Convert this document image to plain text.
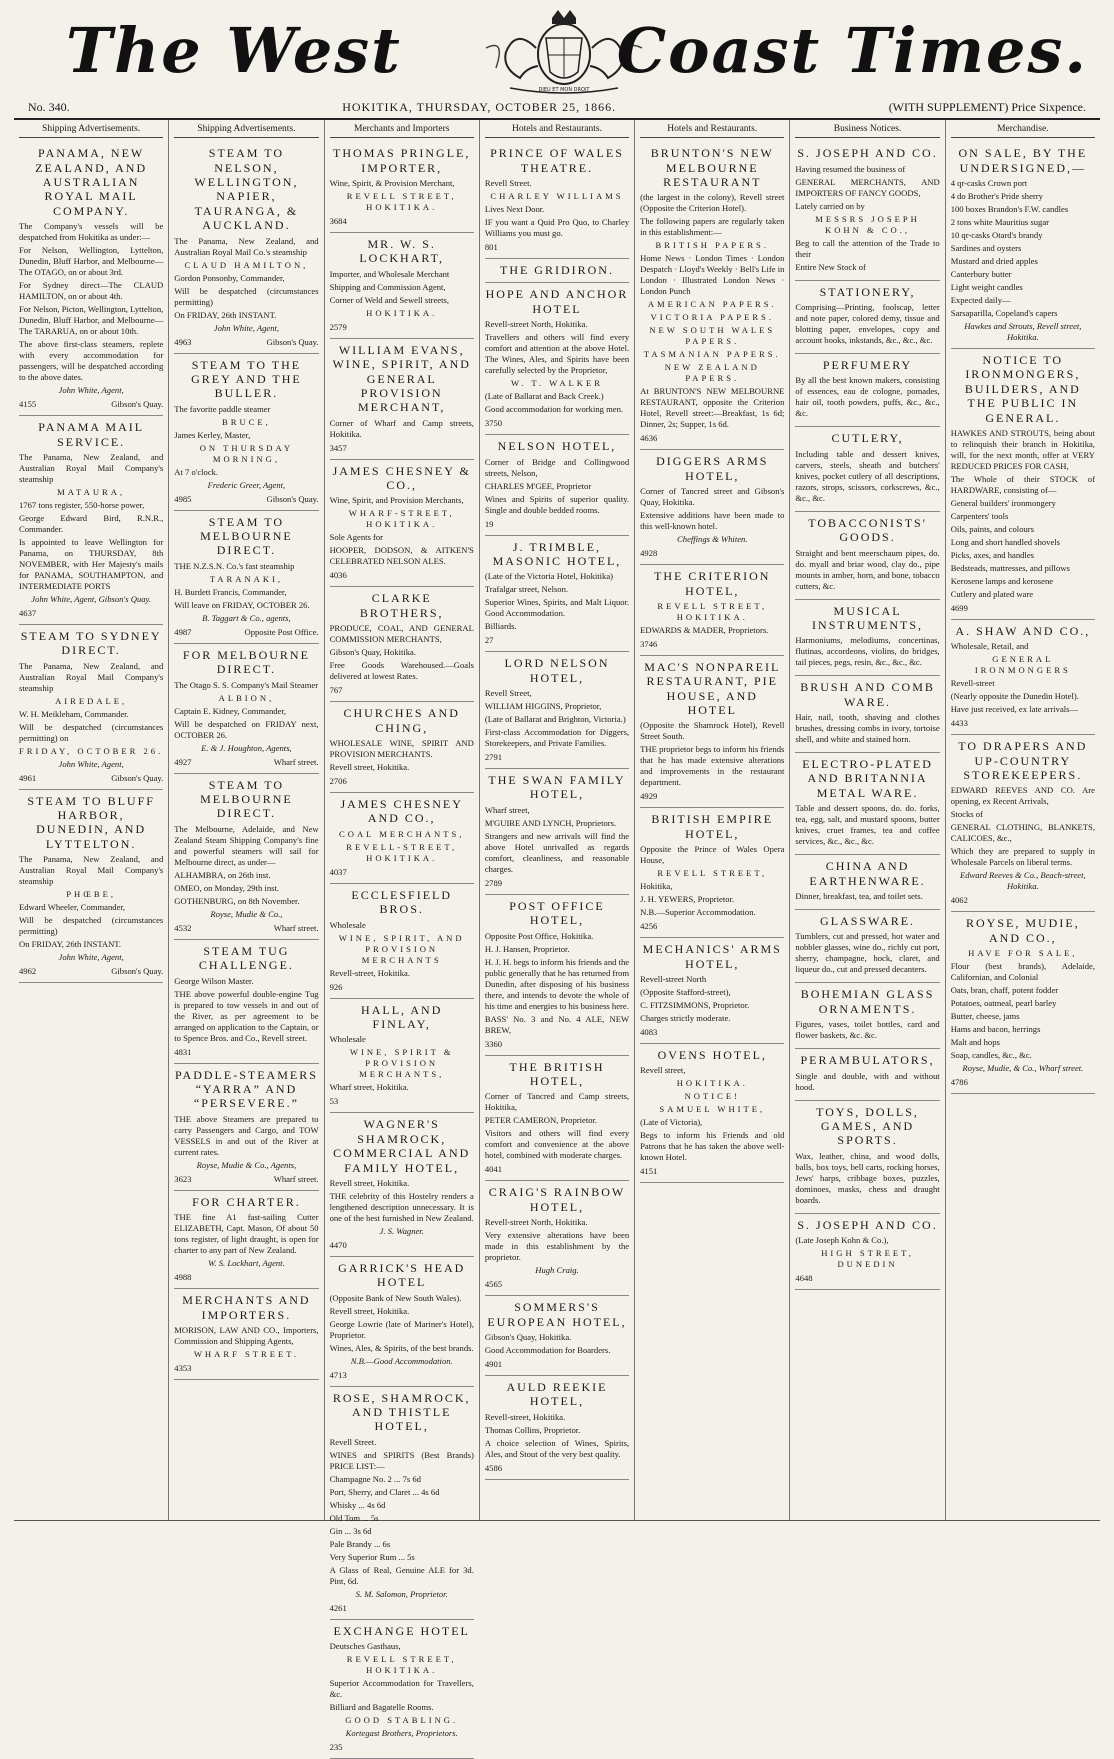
The West
DIEU ET MON DROIT
Coast Times.
No. 340.	HOKITIKA, THURSDAY, OCTOBER 25, 1866.	(WITH SUPPLEMENT) Price Sixpence.
Shipping Advertisements.
PANAMA, NEW ZEALAND, AND AUSTRALIAN ROYAL MAIL COMPANY.

The Company's vessels will be despatched from Hokitika as under:—

For Nelson, Wellington, Lyttelton, Dunedin, Bluff Harbor, and Melbourne—The OTAGO, on or about 3rd.

For Sydney direct—The CLAUD HAMILTON, on or about 4th.

For Nelson, Picton, Wellington, Lyttelton, Dunedin, Bluff Harbor, and Melbourne—The TARARUA, on or about 10th.

The above first-class steamers, replete with every accommodation for passengers, will be despatched according to the above dates.

John White, Agent,
4155	Gibson's Quay.
PANAMA MAIL SERVICE.

The Panama, New Zealand, and Australian Royal Mail Company's steamship

MATAURA,

1767 tons register, 550-horse power,

George Edward Bird, R.N.R., Commander.

Is appointed to leave Wellington for Panama, on THURSDAY, 8th NOVEMBER, with Her Majesty's mails for PANAMA, SOUTHAMPTON, and INTERMEDIATE PORTS

John White, Agent, Gibson's Quay.
4637
STEAM TO SYDNEY DIRECT.

The Panama, New Zealand, and Australian Royal Mail Company's steamship

AIREDALE,

W. H. Meikleham, Commander.

Will be despatched (circumstances permitting) on

FRIDAY, OCTOBER 26.

John White, Agent,
4961	Gibson's Quay.
STEAM TO BLUFF HARBOR, DUNEDIN, AND LYTTELTON.

The Panama, New Zealand, and Australian Royal Mail Company's steamship

PHŒBE,

Edward Wheeler, Commander,

Will be despatched (circumstances permitting)

On FRIDAY, 26th INSTANT.

John White, Agent,
4962	Gibson's Quay.
Shipping Advertisements.
STEAM TO NELSON, WELLINGTON, NAPIER, TAURANGA, & AUCKLAND.

The Panama, New Zealand, and Australian Royal Mail Co.'s steamship

CLAUD HAMILTON,

Gordon Ponsonby, Commander,

Will be despatched (circumstances permitting)

On FRIDAY, 26th INSTANT.

John White, Agent,
4963	Gibson's Quay.
STEAM TO THE GREY AND THE BULLER.

The favorite paddle steamer

BRUCE,

James Kerley, Master,

ON THURSDAY MORNING,

At 7 o'clock.

Frederic Greer, Agent,
4985	Gibson's Quay.
STEAM TO MELBOURNE DIRECT.

THE N.Z.S.N. Co.'s fast steamship

TARANAKI,

H. Burdett Francis, Commander,

Will leave on FRIDAY, OCTOBER 26.

B. Taggart & Co., agents,
4987	Opposite Post Office.
FOR MELBOURNE DIRECT.

The Otago S. S. Company's Mail Steamer

ALBION,

Captain E. Kidney, Commander,

Will be despatched on FRIDAY next, OCTOBER 26.

E. & J. Houghton, Agents,
4927	Wharf street.
STEAM TO MELBOURNE DIRECT.

The Melbourne, Adelaide, and New Zealand Steam Shipping Company's fine and powerful steamers will sail for Melbourne direct, as under—

ALHAMBRA, on 26th inst.

OMEO, on Monday, 29th inst.

GOTHENBURG, on 8th November.

Royse, Mudie & Co.,
4532	Wharf street.
STEAM TUG CHALLENGE.

George Wilson Master.

THE above powerful double-engine Tug is prepared to tow vessels in and out of the River, as per agreement to be arranged on application to the Captain, or to Spence Bros. and Co., Revell street.

4831
PADDLE-STEAMERS “YARRA” AND “PERSEVERЕ.”

THE above Steamers are prepared to carry Passengers and Cargo, and TOW VESSELS in and out of the River at current rates.

Royse, Mudie & Co., Agents,
3623	Wharf street.
FOR CHARTER.

THE fine A1 fast-sailing Cutter ELIZABETH, Capt. Mason, Of about 50 tons register, of light draught, is open for charter to any part of New Zealand.

W. S. Lockhart, Agent.
4988
MERCHANTS AND IMPORTERS.

MORISON, LAW AND CO., Importers, Commission and Shipping Agents,

WHARF STREET.

4353
Merchants and Importers
THOMAS PRINGLE, IMPORTER,

Wine, Spirit, & Provision Merchant,

REVELL STREET, HOKITIKA.

3684
MR. W. S. LOCKHART,

Importer, and Wholesale Merchant

Shipping and Commission Agent,

Corner of Weld and Sewell streets,

HOKITIKA.

2579
WILLIAM EVANS, WINE, SPIRIT, AND GENERAL PROVISION MERCHANT,

Corner of Wharf and Camp streets, Hokitika.

3457
JAMES CHESNEY & CO.,

Wine, Spirit, and Provision Merchants,

WHARF-STREET, HOKITIKA.

Sole Agents for

HOOPER, DODSON, & AITKEN'S CELEBRATED NELSON ALES.

4036
CLARKE BROTHERS,

PRODUCE, COAL, AND GENERAL COMMISSION MERCHANTS,

Gibson's Quay, Hokitika.

Free Goods Warehoused.—Goals delivered at lowest Rates.

767
CHURCHES AND CHING,

WHOLESALE WINE, SPIRIT AND PROVISION MERCHANTS.

Revell street, Hokitika.

2706
JAMES CHESNEY AND CO.,

COAL MERCHANTS,

REVELL-STREET, HOKITIKA.

4037
ECCLESFIELD BROS.

Wholesale

WINE, SPIRIT, AND PROVISION MERCHANTS

Revell-street, Hokitika.

926
HALL, AND FINLAY,

Wholesale

WINE, SPIRIT & PROVISION MERCHANTS,

Wharf street, Hokitika.

53
WAGNER'S SHAMROCK, COMMERCIAL AND FAMILY HOTEL,

Revell street, Hokitika.

THE celebrity of this Hostelry renders a lengthened description unnecessary. It is one of the best furnished in New Zealand.

J. S. Wagner.
4470
GARRICK'S HEAD HOTEL

(Opposite Bank of New South Wales).

Revell street, Hokitika.

George Lowrie (late of Mariner's Hotel), Proprietor.

Wines, Ales, & Spirits, of the best brands.

N.B.—Good Accommodation.
4713
ROSE, SHAMROCK, AND THISTLE HOTEL,

Revell Street.

WINES and SPIRITS (Best Brands) PRICE LIST:—

Champagne No. 2 ... 7s 6d

Port, Sherry, and Claret ... 4s 6d

Whisky ... 4s 6d

Old Tom ... 5s

Gin ... 3s 6d

Pale Brandy ... 6s

Very Superior Rum ... 5s

A Glass of Real, Genuine ALE for 3d. Pint, 6d.

S. M. Salomon, Proprietor.
4261
EXCHANGE HOTEL

Deutsches Gasthaus,

REVELL STREET, HOKITIKA.

Superior Accommodation for Travellers, &c.

Billiard and Bagatelle Rooms.

GOOD STABLING.

Kortegast Brothers, Proprietors.
235
Hotels and Restaurants.
PRINCE OF WALES THEATRE.

Revell Street.

CHARLEY WILLIAMS

Lives Next Door.

IF you want a Quid Pro Quo, to Charley Williams you must go.

801
THE GRIDIRON.
HOPE AND ANCHOR HOTEL

Revell-street North, Hokitika.

Travellers and others will find every comfort and attention at the above Hotel. The Wines, Ales, and Spirits have been carefully selected by the Proprietor,

W. T. WALKER

(Late of Ballarat and Back Creek.)

Good accommodation for working men.

3750
NELSON HOTEL,

Corner of Bridge and Collingwood streets, Nelson,

CHARLES M'GEE, Proprietor

Wines and Spirits of superior quality. Single and double bedded rooms.

19
J. TRIMBLE, MASONIC HOTEL,

(Late of the Victoria Hotel, Hokitika)

Trafalgar street, Nelson.

Superior Wines, Spirits, and Malt Liquor. Good Accommodation.

Billiards.

27
LORD NELSON HOTEL,

Revell Street,

WILLIAM HIGGINS, Proprietor,

(Late of Ballarat and Brighton, Victoria.)

First-class Accommodation for Diggers, Storekeepers, and Private Families.

2791
THE SWAN FAMILY HOTEL,

Wharf street,

M'GUIRE AND LYNCH, Proprietors.

Strangers and new arrivals will find the above Hotel unrivalled as regards comfort, cleanliness, and reasonable charges.

2789
POST OFFICE HOTEL,

Opposite Post Office, Hokitika.

H. J. Hansen, Proprietor.

H. J. H. begs to inform his friends and the public generally that he has returned from Dunedin, after disposing of his business there, and intends to devote the whole of his time and energies to his business here.

BASS' No. 3 and No. 4 ALE, NEW BREW,

3360
THE BRITISH HOTEL,

Corner of Tancred and Camp streets, Hokitika,

PETER CAMERON, Proprietor.

Visitors and others will find every comfort and convenience at the above hotel, combined with moderate charges.

4041
CRAIG'S RAINBOW HOTEL,

Revell-street North, Hokitika.

Very extensive alterations have been made in this establishment by the proprietor.

Hugh Craig.
4565
SOMMERS'S EUROPEAN HOTEL,

Gibson's Quay, Hokitika.

Good Accommodation for Boarders.

4901
AULD REEKIE HOTEL,

Revell-street, Hokitika.

Thomas Collins, Proprietor.

A choice selection of Wines, Spirits, Ales, and Stout of the very best quality.

4586
Hotels and Restaurants.
BRUNTON'S NEW MELBOURNE RESTAURANT

(the largest in the colony), Revell street (Opposite the Criterion Hotel).

The following papers are regularly taken in this establishment:—

BRITISH PAPERS.

Home News · London Times · London Despatch · Lloyd's Weekly · Bell's Life in London · Illustrated London News · London Punch

AMERICAN PAPERS.

VICTORIA PAPERS.

NEW SOUTH WALES PAPERS.

TASMANIAN PAPERS.

NEW ZEALAND PAPERS.

At BRUNTON'S NEW MELBOURNE RESTAURANT, opposite the Criterion Hotel, Revell street:—Breakfast, 1s 6d; Dinner, 2s; Supper, 1s 6d.

4636
DIGGERS ARMS HOTEL,

Corner of Tancred street and Gibson's Quay, Hokitika.

Extensive additions have been made to this well-known hotel.

Cheffings & Whiten.
4928
THE CRITERION HOTEL,

REVELL STREET, HOKITIKA.

EDWARDS & MADER, Proprietors.

3746
MAC'S NONPAREIL RESTAURANT, PIE HOUSE, AND HOTEL

(Opposite the Shamrock Hotel), Revell Street South.

THE proprietor begs to inform his friends that he has made extensive alterations and improvements in the restaurant department.

4929
BRITISH EMPIRE HOTEL,

Opposite the Prince of Wales Opera House,

REVELL STREET,

Hokitika,

J. H. YEWERS, Proprietor.

N.B.—Superior Accommodation.

4256
MECHANICS' ARMS HOTEL,

Revell-street North

(Opposite Stafford-street),

C. FITZSIMMONS, Proprietor.

Charges strictly moderate.

4083
OVENS HOTEL,

Revell street,

HOKITIKA.

NOTICE!

SAMUEL WHITE,

(Late of Victoria),

Begs to inform his Friends and old Patrons that he has taken the above well-known Hotel.

4151
Business Notices.
S. JOSEPH AND CO.

Having resumed the business of

GENERAL MERCHANTS, AND IMPORTERS OF FANCY GOODS,

Lately carried on by

MESSRS JOSEPH KOHN & CO.,

Beg to call the attention of the Trade to their

Entire New Stock of

STATIONERY,

Comprising—Printing, foolscap, letter and note paper, colored demy, tissue and blotting paper, envelopes, copy and account books, inkstands, &c., &c., &c.

PERFUMERY

By all the best known makers, consisting of essences, eau de cologne, pomades, hair oil, tooth powders, puffs, &c., &c., &c.

CUTLERY,

Including table and dessert knives, carvers, steels, sheath and butchers' knives, pocket cutlery of all descriptions, razors, strops, scissors, corkscrews, &c., &c., &c.

TOBACCONISTS' GOODS.

Straight and bent meerschaum pipes, do. do. myall and briar wood, clay do., pipe mounts in amber, horn, and bone, tobacco cutters, &c.

MUSICAL INSTRUMENTS,

Harmoniums, melodiums, concertinas, flutinas, accordeons, violins, do bridges, tail pieces, pegs, resin, &c., &c., &c.

BRUSH AND COMB WARE.

Hair, nail, tooth, shaving and clothes brushes, dressing combs in ivory, tortoise shell, and white and stained horn.

ELECTRO-PLATED AND BRITANNIA METAL WARE.

Table and dessert spoons, do. do. forks, tea, egg, salt, and mustard spoons, butter knives, cruet frames, tea and coffee services, &c., &c., &c.

CHINA AND EARTHENWARE.

Dinner, breakfast, tea, and toilet sets.

GLASSWARE.

Tumblers, cut and pressed, hot water and nobbler glasses, wine do., richly cut port, sherry, champagne, hock, claret, and liqueur do., cut and pressed decanters.

BOHEMIAN GLASS ORNAMENTS.

Figures, vases, toilet bottles, card and flower baskets, &c. &c.

PERAMBULATORS,

Single and double, with and without hood.

TOYS, DOLLS, GAMES, AND SPORTS.

Wax, leather, china, and wood dolls, balls, box toys, bell carts, rocking horses, Jews' harps, cribbage boxes, puzzles, dominoes, masks, chess and draught boards.

S. JOSEPH AND CO.

(Late Joseph Kohn & Co.),

HIGH STREET, DUNEDIN

4648
Merchandise.
ON SALE, BY THE UNDERSIGNED,—

4 qr-casks Crown port

4 do Brother's Pride sherry

100 boxes Brandon's F.W. candles

2 tons white Mauritius sugar

10 qr-casks Otard's brandy

Sardines and oysters

Mustard and dried apples

Canterbury butter

Light weight candles

Expected daily—

Sarsaparilla, Copeland's capers

Hawkes and Strouts, Revell street, Hokitika.
NOTICE TO IRONMONGERS, BUILDERS, AND THE PUBLIC IN GENERAL.

HAWKES AND STROUTS, being about to relinquish their branch in Hokitika, will, for the next month, offer at VERY REDUCED PRICES FOR CASH,

The Whole of their STOCK of HARDWARE, consisting of—

General builders' ironmongery

Carpenters' tools

Oils, paints, and colours

Long and short handled shovels

Picks, axes, and handles

Bedsteads, mattresses, and pillows

Kerosene lamps and kerosene

Cutlery and plated ware

4699
A. SHAW AND CO.,

Wholesale, Retail, and

GENERAL IRONMONGERS

Revell-street

(Nearly opposite the Dunedin Hotel).

Have just received, ex late arrivals—

4433
TO DRAPERS AND UP-COUNTRY STOREKEEPERS.

EDWARD REEVES AND CO. Are opening, ex Recent Arrivals,

Stocks of

GENERAL CLOTHING, BLANKETS, CALICOES, &c.,

Which they are prepared to supply in Wholesale Parcels on liberal terms.

Edward Reeves & Co., Beach-street, Hokitika.
4062
ROYSE, MUDIE, AND CO.,

HAVE FOR SALE,

Flour (best brands), Adelaide, Californian, and Colonial

Oats, bran, chaff, potent fodder

Potatoes, oatmeal, pearl barley

Butter, cheese, jams

Hams and bacon, herrings

Malt and hops

Soap, candles, &c., &c.

Royse, Mudie, & Co., Wharf street.
4786
